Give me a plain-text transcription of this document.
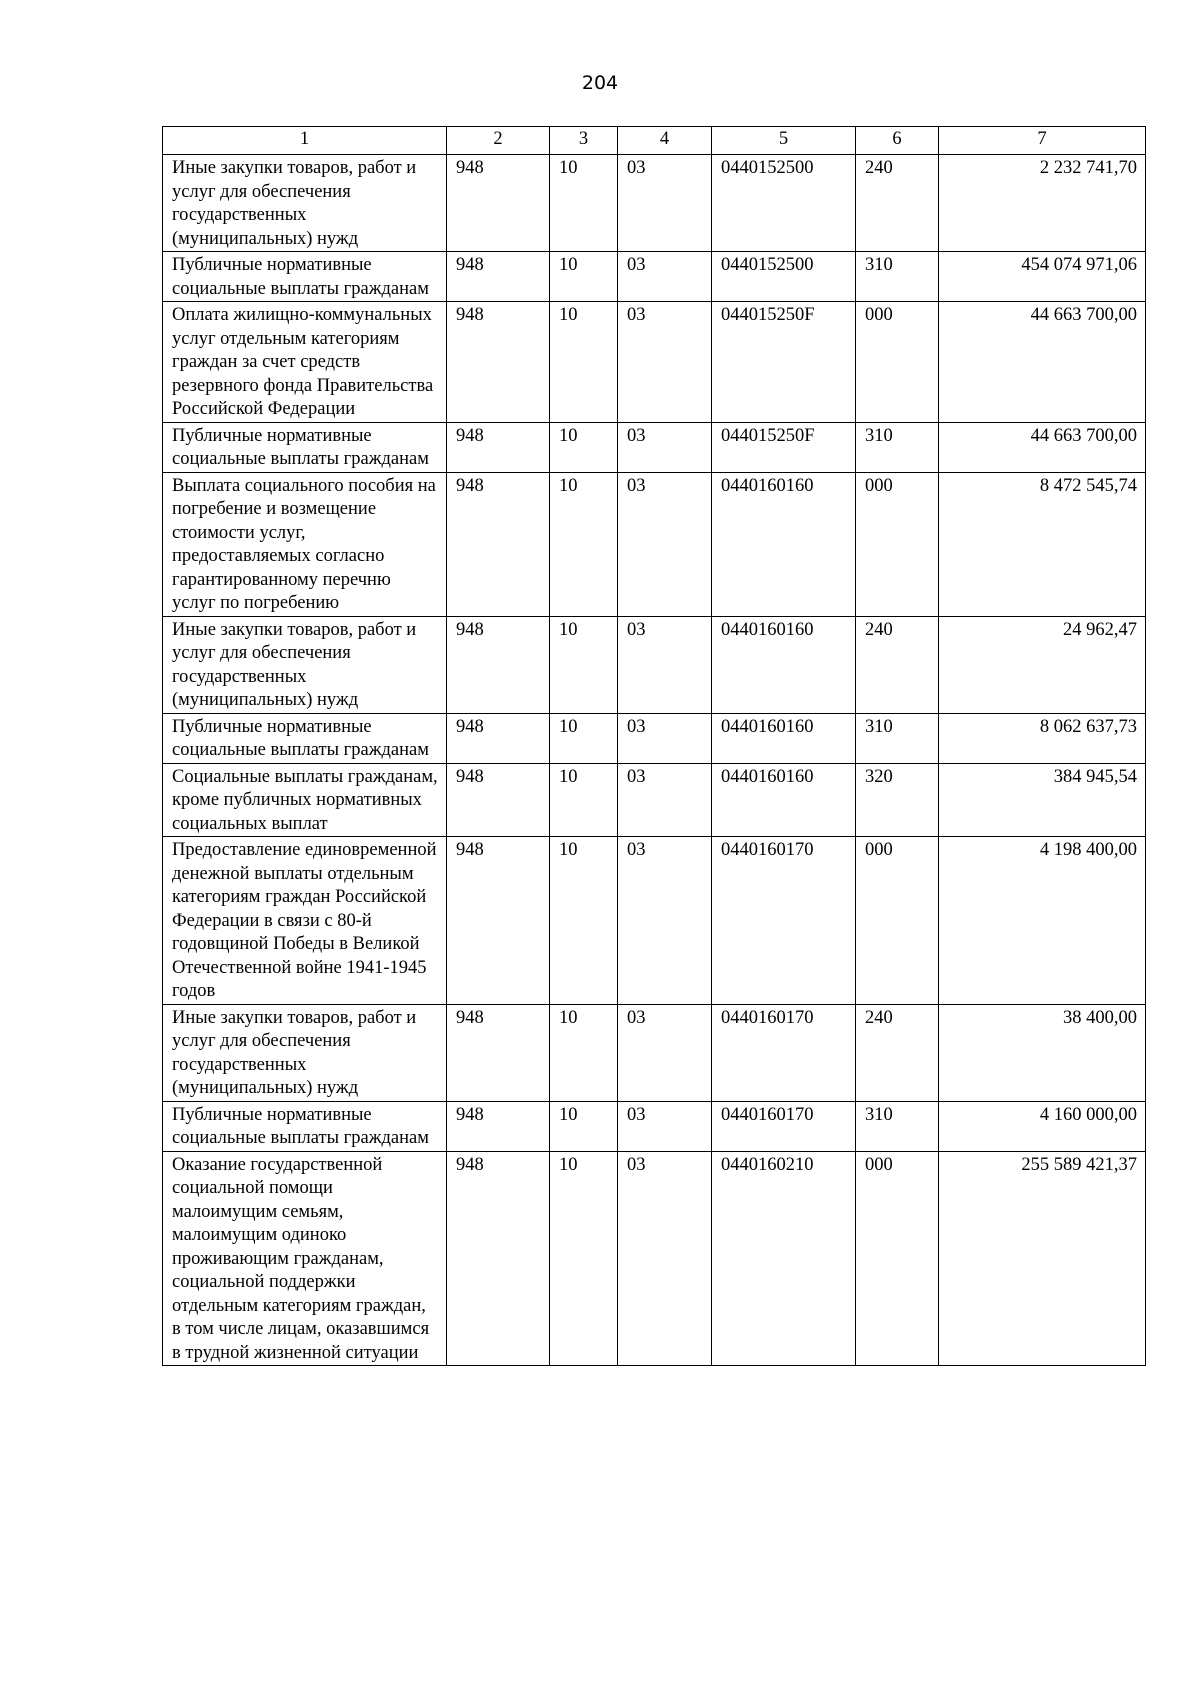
204
1	2	3	4	5	6	7
Иные закупки товаров, работ и услуг для обеспечения государственных (муниципальных) нужд	948	10	03	0440152500	240	2 232 741,70
Публичные нормативные социальные выплаты гражданам	948	10	03	0440152500	310	454 074 971,06
Оплата жилищно-коммунальных услуг отдельным категориям граждан за счет средств резервного фонда Правительства Российской Федерации	948	10	03	044015250F	000	44 663 700,00
Публичные нормативные социальные выплаты гражданам	948	10	03	044015250F	310	44 663 700,00
Выплата социального пособия на погребение и возмещение стоимости услуг, предоставляемых согласно гарантированному перечню услуг по погребению	948	10	03	0440160160	000	8 472 545,74
Иные закупки товаров, работ и услуг для обеспечения государственных (муниципальных) нужд	948	10	03	0440160160	240	24 962,47
Публичные нормативные социальные выплаты гражданам	948	10	03	0440160160	310	8 062 637,73
Социальные выплаты гражданам, кроме публичных нормативных социальных выплат	948	10	03	0440160160	320	384 945,54
Предоставление единовременной денежной выплаты отдельным категориям граждан Российской Федерации в связи с 80-й годовщиной Победы в Великой Отечественной войне 1941-1945 годов	948	10	03	0440160170	000	4 198 400,00
Иные закупки товаров, работ и услуг для обеспечения государственных (муниципальных) нужд	948	10	03	0440160170	240	38 400,00
Публичные нормативные социальные выплаты гражданам	948	10	03	0440160170	310	4 160 000,00
Оказание государственной социальной помощи малоимущим семьям, малоимущим одиноко проживающим гражданам, социальной поддержки отдельным категориям граждан, в том числе лицам, оказавшимся в трудной жизненной ситуации	948	10	03	0440160210	000	255 589 421,37
